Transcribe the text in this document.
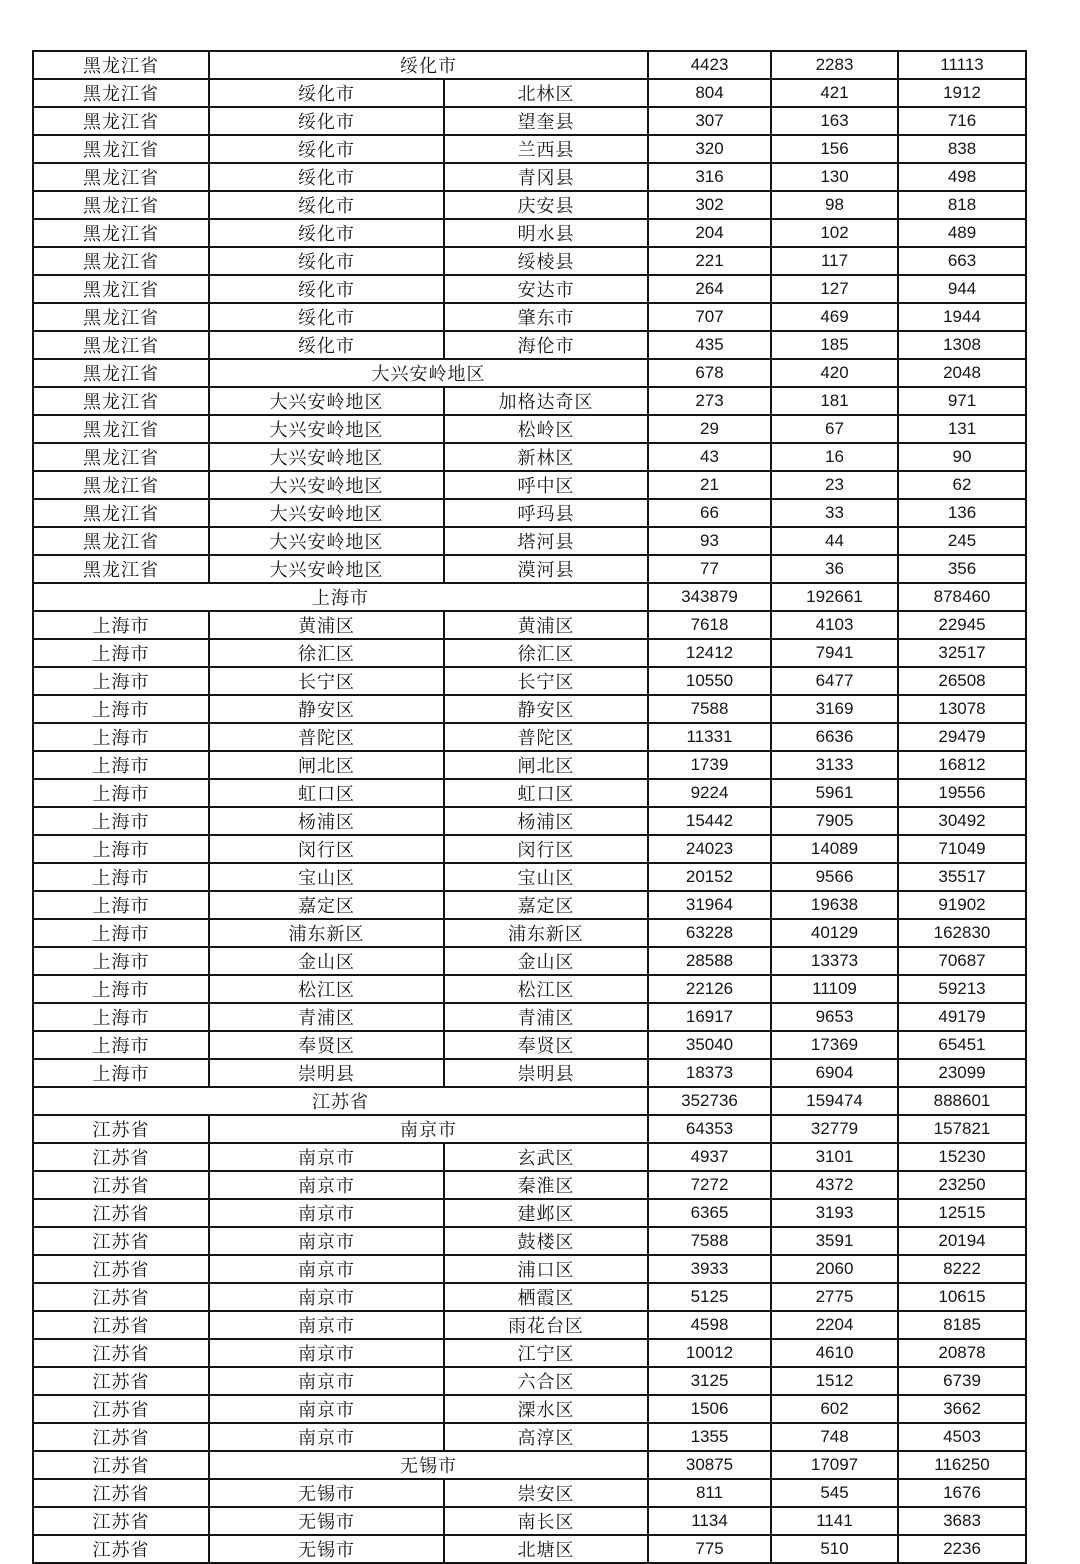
黑龙江省	绥化市		4423	2283	11113
黑龙江省	绥化市	北林区	804	421	1912
黑龙江省	绥化市	望奎县	307	163	716
黑龙江省	绥化市	兰西县	320	156	838
黑龙江省	绥化市	青冈县	316	130	498
黑龙江省	绥化市	庆安县	302	98	818
黑龙江省	绥化市	明水县	204	102	489
黑龙江省	绥化市	绥棱县	221	117	663
黑龙江省	绥化市	安达市	264	127	944
黑龙江省	绥化市	肇东市	707	469	1944
黑龙江省	绥化市	海伦市	435	185	1308
黑龙江省	大兴安岭地区		678	420	2048
黑龙江省	大兴安岭地区	加格达奇区	273	181	971
黑龙江省	大兴安岭地区	松岭区	29	67	131
黑龙江省	大兴安岭地区	新林区	43	16	90
黑龙江省	大兴安岭地区	呼中区	21	23	62
黑龙江省	大兴安岭地区	呼玛县	66	33	136
黑龙江省	大兴安岭地区	塔河县	93	44	245
黑龙江省	大兴安岭地区	漠河县	77	36	356
上海市			343879	192661	878460
上海市	黄浦区	黄浦区	7618	4103	22945
上海市	徐汇区	徐汇区	12412	7941	32517
上海市	长宁区	长宁区	10550	6477	26508
上海市	静安区	静安区	7588	3169	13078
上海市	普陀区	普陀区	11331	6636	29479
上海市	闸北区	闸北区	1739	3133	16812
上海市	虹口区	虹口区	9224	5961	19556
上海市	杨浦区	杨浦区	15442	7905	30492
上海市	闵行区	闵行区	24023	14089	71049
上海市	宝山区	宝山区	20152	9566	35517
上海市	嘉定区	嘉定区	31964	19638	91902
上海市	浦东新区	浦东新区	63228	40129	162830
上海市	金山区	金山区	28588	13373	70687
上海市	松江区	松江区	22126	11109	59213
上海市	青浦区	青浦区	16917	9653	49179
上海市	奉贤区	奉贤区	35040	17369	65451
上海市	崇明县	崇明县	18373	6904	23099
江苏省			352736	159474	888601
江苏省	南京市		64353	32779	157821
江苏省	南京市	玄武区	4937	3101	15230
江苏省	南京市	秦淮区	7272	4372	23250
江苏省	南京市	建邺区	6365	3193	12515
江苏省	南京市	鼓楼区	7588	3591	20194
江苏省	南京市	浦口区	3933	2060	8222
江苏省	南京市	栖霞区	5125	2775	10615
江苏省	南京市	雨花台区	4598	2204	8185
江苏省	南京市	江宁区	10012	4610	20878
江苏省	南京市	六合区	3125	1512	6739
江苏省	南京市	溧水区	1506	602	3662
江苏省	南京市	高淳区	1355	748	4503
江苏省	无锡市		30875	17097	116250
江苏省	无锡市	崇安区	811	545	1676
江苏省	无锡市	南长区	1134	1141	3683
江苏省	无锡市	北塘区	775	510	2236
